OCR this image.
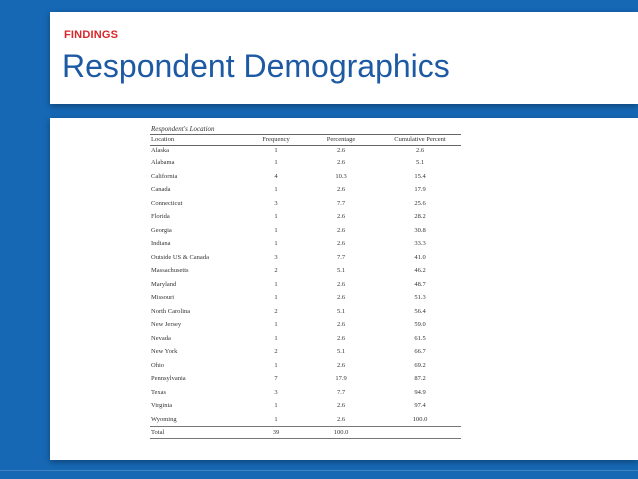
FINDINGS
Respondent Demographics
Respondent's Location
Location	Frequency	Percentage	Cumulative Percent
Alaska	1	2.6	2.6
Alabama	1	2.6	5.1
California	4	10.3	15.4
Canada	1	2.6	17.9
Connecticut	3	7.7	25.6
Florida	1	2.6	28.2
Georgia	1	2.6	30.8
Indiana	1	2.6	33.3
Outside US & Canada	3	7.7	41.0
Massachusetts	2	5.1	46.2
Maryland	1	2.6	48.7
Missouri	1	2.6	51.3
North Carolina	2	5.1	56.4
New Jersey	1	2.6	59.0
Nevada	1	2.6	61.5
New York	2	5.1	66.7
Ohio	1	2.6	69.2
Pennsylvania	7	17.9	87.2
Texas	3	7.7	94.9
Virginia	1	2.6	97.4
Wyoming	1	2.6	100.0
Total	39	100.0	
